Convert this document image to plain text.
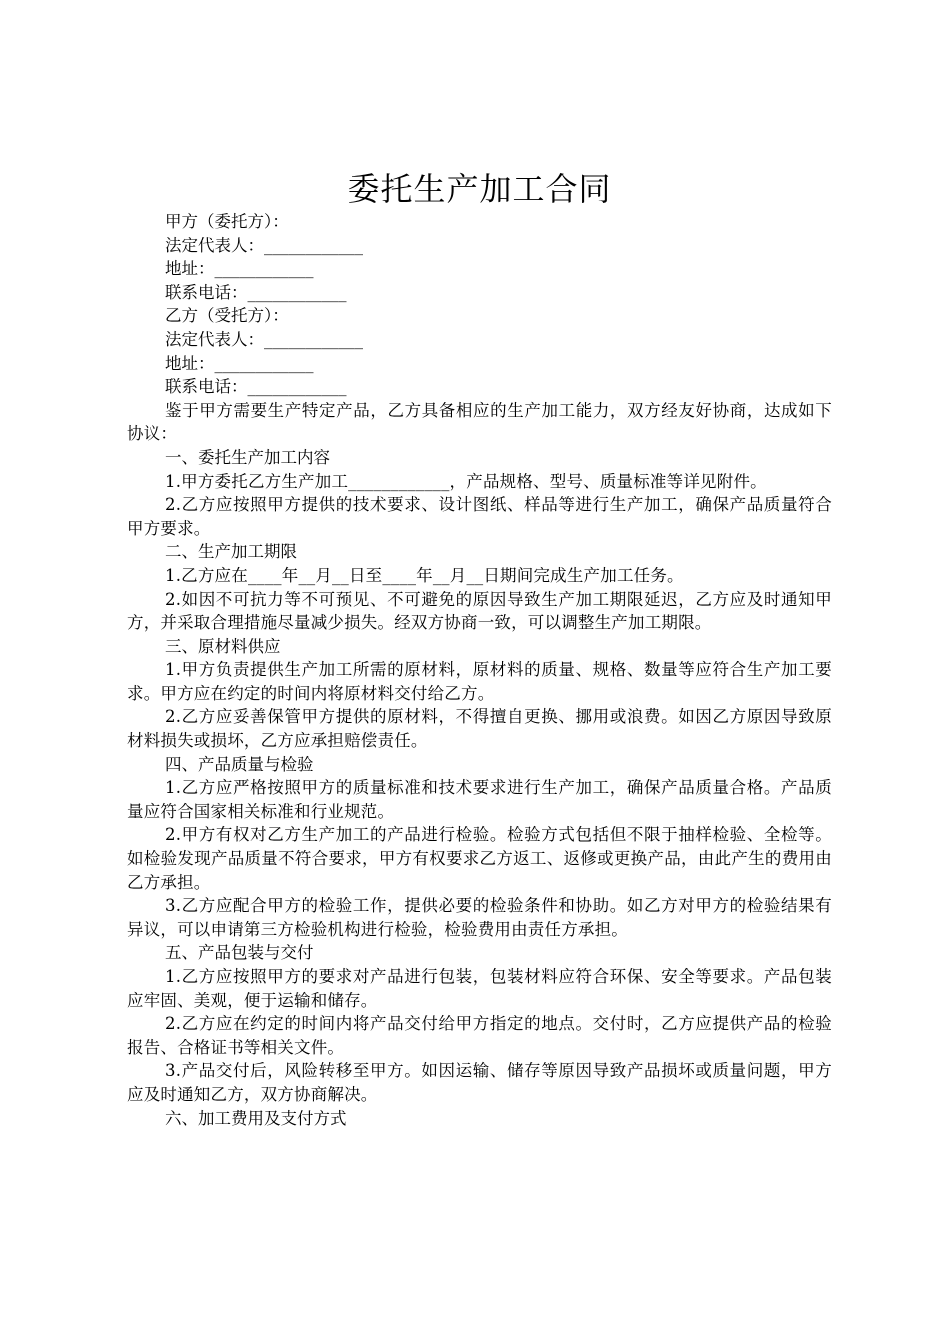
委托生产加工合同
甲方（委托方）：
法定代表人：____________
地址：____________
联系电话：____________
乙方（受托方）：
法定代表人：____________
地址：____________
联系电话：____________
鉴于甲方需要生产特定产品，乙方具备相应的生产加工能力，双方经友好协商，达成如下协议：
一、委托生产加工内容
1.甲方委托乙方生产加工____________，产品规格、型号、质量标准等详见附件。
2.乙方应按照甲方提供的技术要求、设计图纸、样品等进行生产加工，确保产品质量符合甲方要求。
二、生产加工期限
1.乙方应在____年__月__日至____年__月__日期间完成生产加工任务。
2.如因不可抗力等不可预见、不可避免的原因导致生产加工期限延迟，乙方应及时通知甲方，并采取合理措施尽量减少损失。经双方协商一致，可以调整生产加工期限。
三、原材料供应
1.甲方负责提供生产加工所需的原材料，原材料的质量、规格、数量等应符合生产加工要求。甲方应在约定的时间内将原材料交付给乙方。
2.乙方应妥善保管甲方提供的原材料，不得擅自更换、挪用或浪费。如因乙方原因导致原材料损失或损坏，乙方应承担赔偿责任。
四、产品质量与检验
1.乙方应严格按照甲方的质量标准和技术要求进行生产加工，确保产品质量合格。产品质量应符合国家相关标准和行业规范。
2.甲方有权对乙方生产加工的产品进行检验。检验方式包括但不限于抽样检验、全检等。如检验发现产品质量不符合要求，甲方有权要求乙方返工、返修或更换产品，由此产生的费用由乙方承担。
3.乙方应配合甲方的检验工作，提供必要的检验条件和协助。如乙方对甲方的检验结果有异议，可以申请第三方检验机构进行检验，检验费用由责任方承担。
五、产品包装与交付
1.乙方应按照甲方的要求对产品进行包装，包装材料应符合环保、安全等要求。产品包装应牢固、美观，便于运输和储存。
2.乙方应在约定的时间内将产品交付给甲方指定的地点。交付时，乙方应提供产品的检验报告、合格证书等相关文件。
3.产品交付后，风险转移至甲方。如因运输、储存等原因导致产品损坏或质量问题，甲方应及时通知乙方，双方协商解决。
六、加工费用及支付方式
